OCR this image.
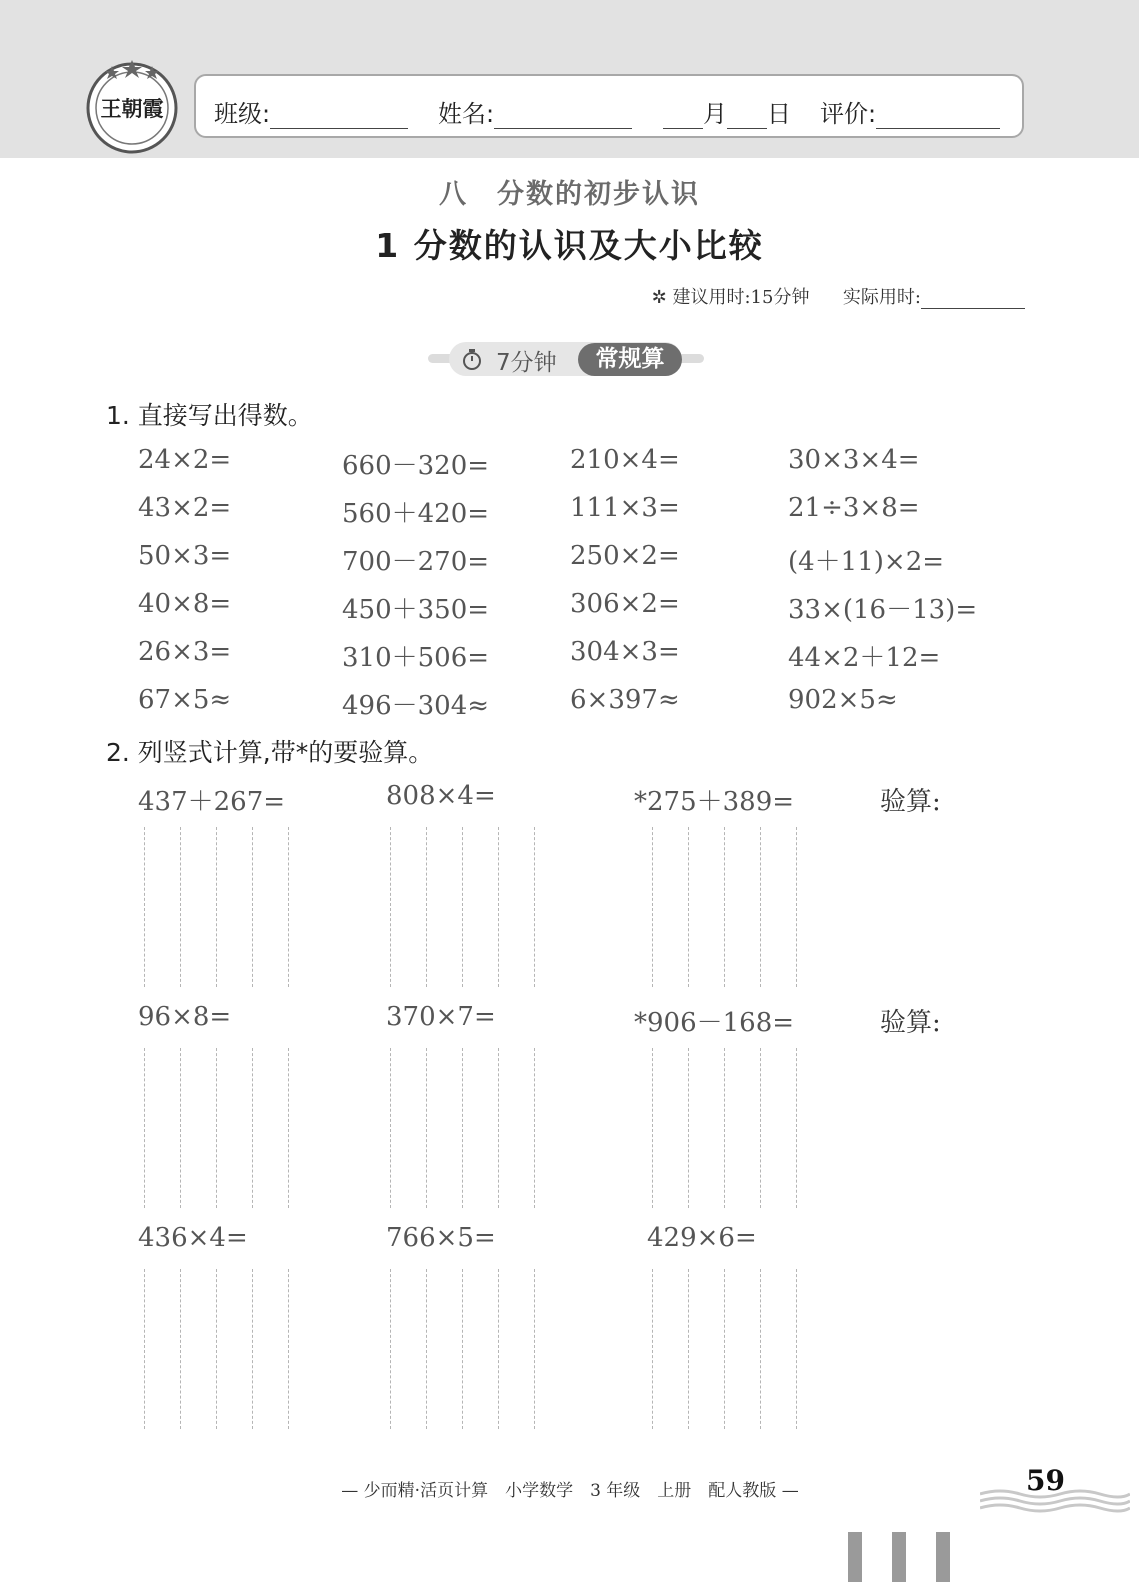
王朝霞 班级:	姓名:	月 日 评价:
八　分数的初步认识
1 分数的认识及大小比较
✲ 建议用时:15分钟 实际用时:
7分钟	常规算
1. 直接写出得数。
24×2=	660－320=	210×4=	30×3×4=
43×2=	560＋420=	111×3=	21÷3×8=
50×3=	700－270=	250×2=	(4＋11)×2=
40×8=	450＋350=	306×2=	33×(16－13)=
26×3=	310＋506=	304×3=	44×2＋12=
67×5≈	496－304≈	6×397≈	902×5≈
2. 列竖式计算,带*的要验算。
437＋267=	808×4=	*275＋389=	验算:
96×8=	370×7=	*906－168=	验算:
436×4=	766×5=	429×6=
— 少而精·活页计算　小学数学　3 年级　上册　配人教版 —	59
